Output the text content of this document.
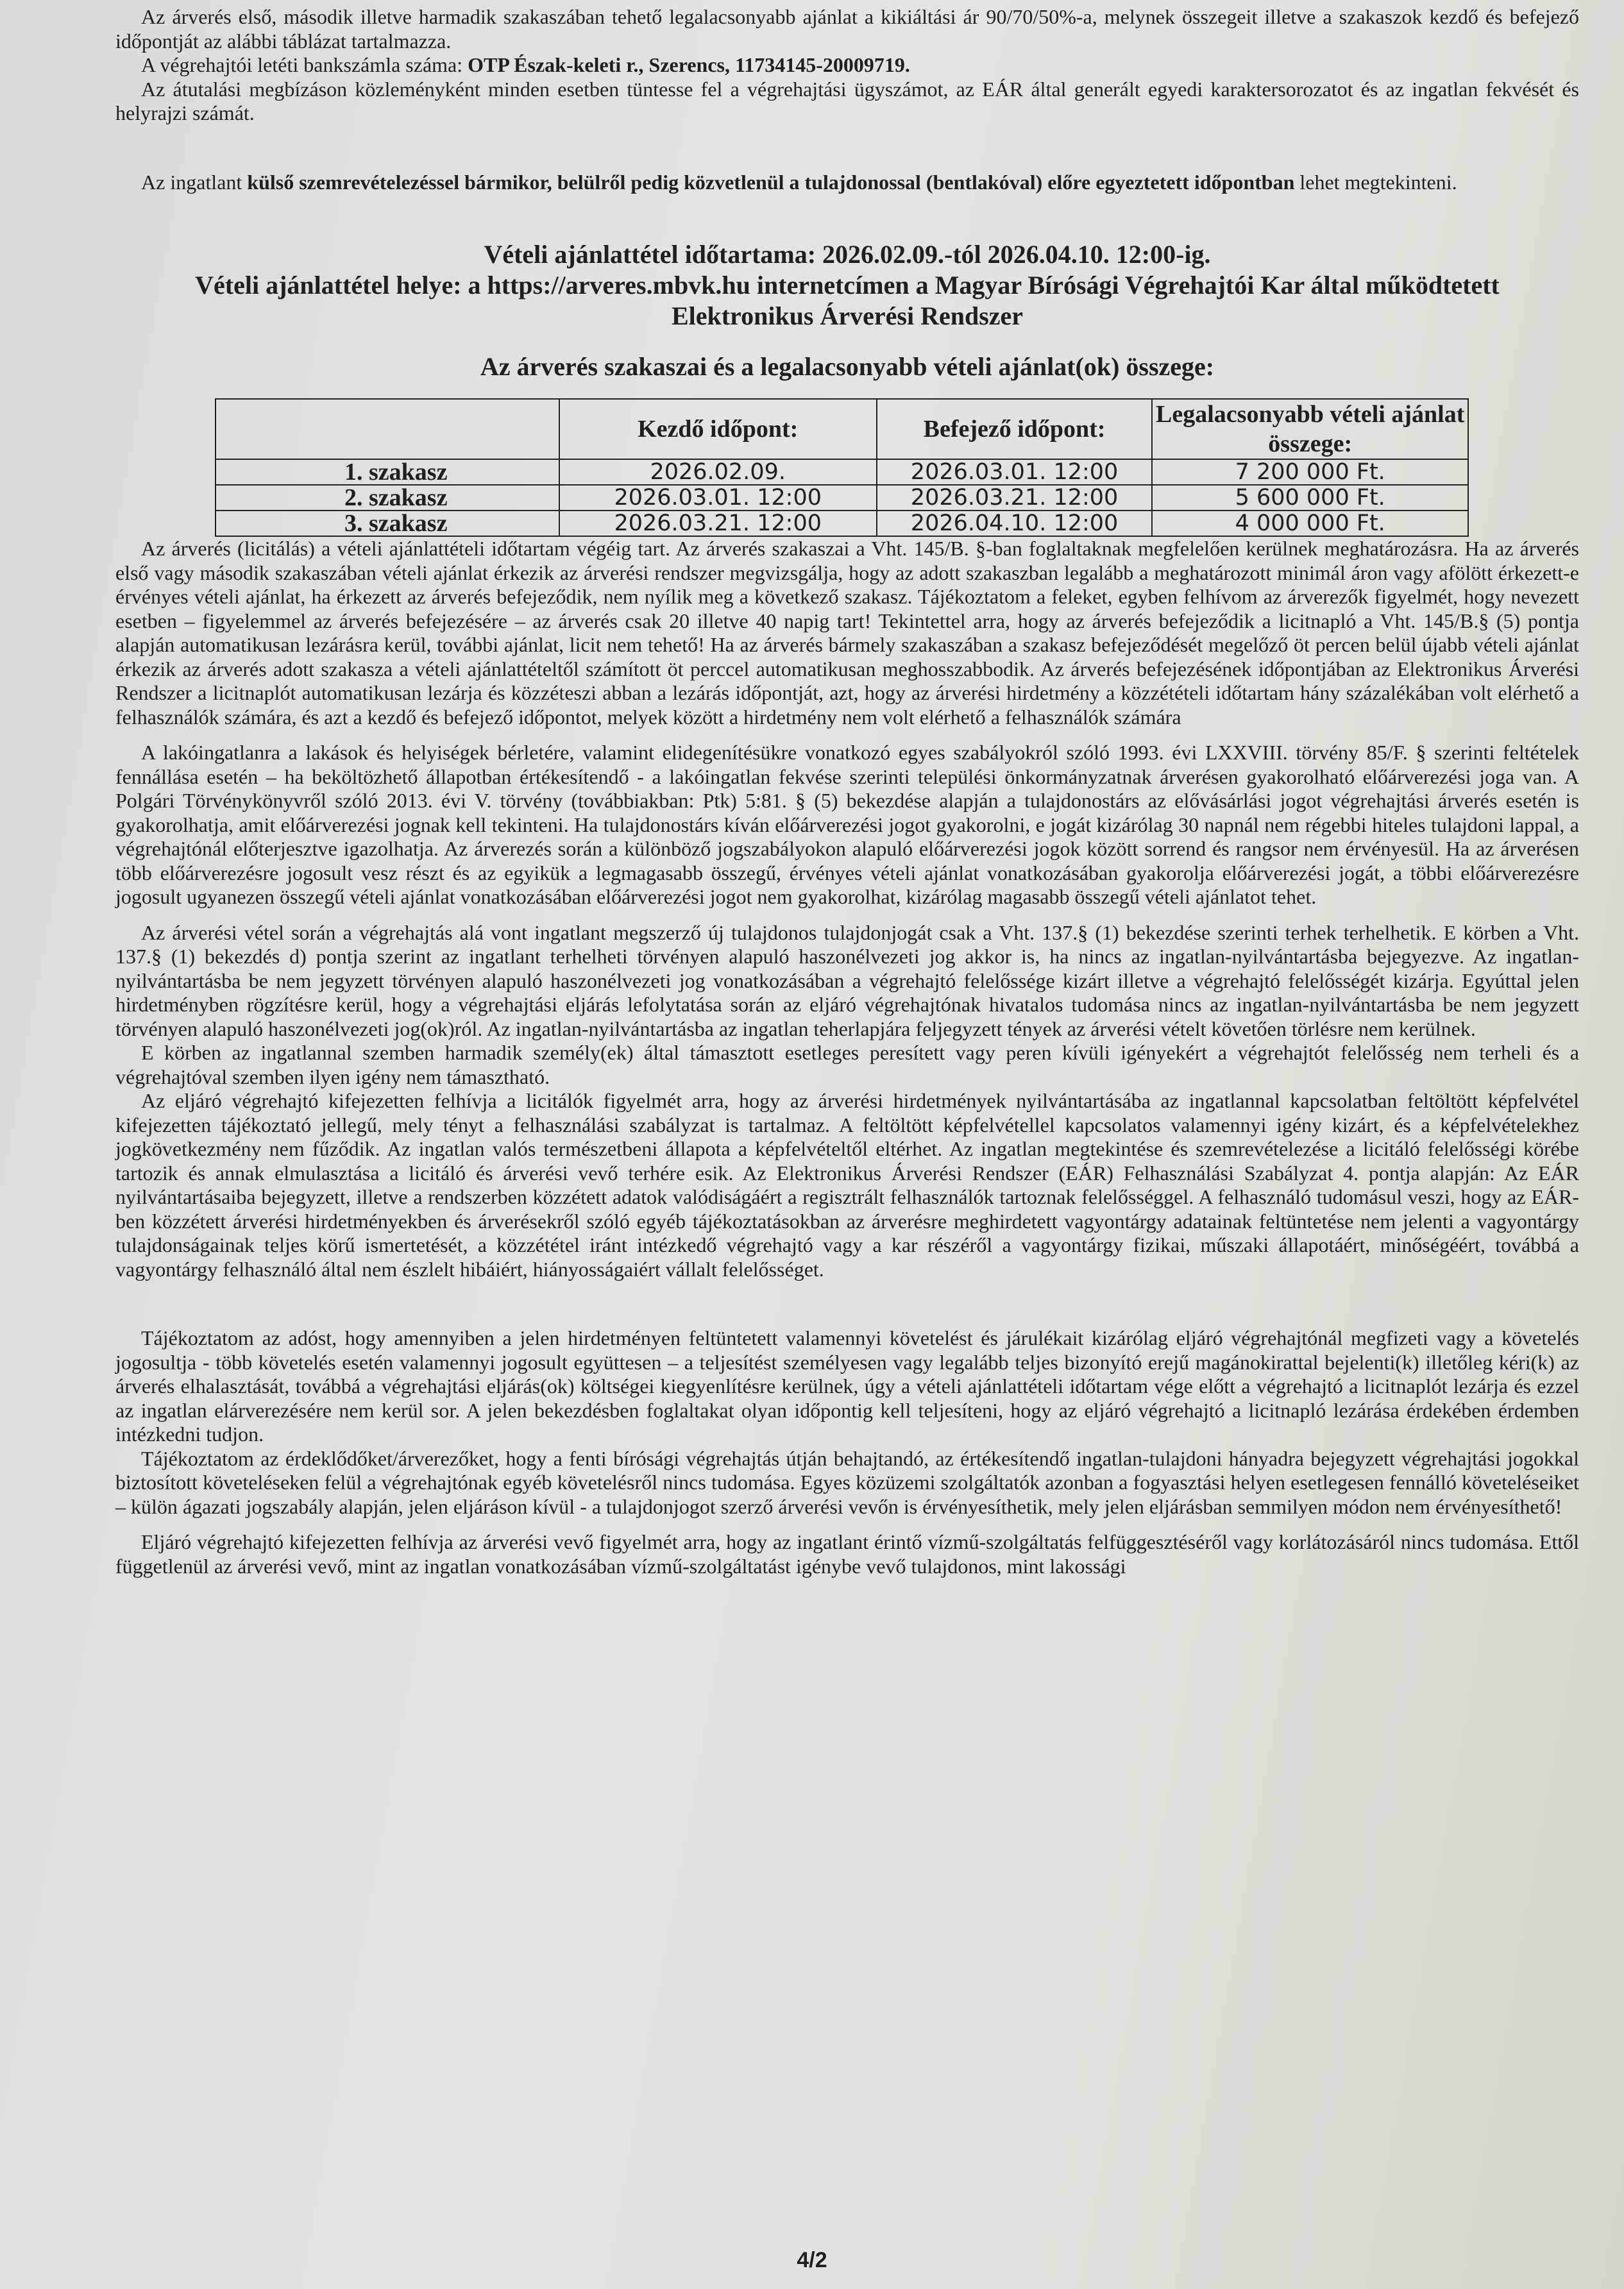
Az árverés első, második illetve harmadik szakaszában tehető legalacsonyabb ajánlat a kikiáltási ár 90/70/50%-a, melynek összegeit illetve a szakaszok kezdő és befejező időpontját az alábbi táblázat tartalmazza.

A végrehajtói letéti bankszámla száma: OTP Észak-keleti r., Szerencs, 11734145-20009719.

Az átutalási megbízáson közleményként minden esetben tüntesse fel a végrehajtási ügyszámot, az EÁR által generált egyedi karaktersorozatot és az ingatlan fekvését és helyrajzi számát.

Az ingatlant külső szemrevételezéssel bármikor, belülről pedig közvetlenül a tulajdonossal (bentlakóval) előre egyeztetett időpontban lehet megtekinteni.

Vételi ajánlattétel időtartama: 2026.02.09.-tól 2026.04.10. 12:00-ig.

Vételi ajánlattétel helye: a https://arveres.mbvk.hu internetcímen a Magyar Bírósági Végrehajtói Kar által működtetett Elektronikus Árverési Rendszer

Az árverés szakaszai és a legalacsonyabb vételi ajánlat(ok) összege:

	Kezdő időpont:	Befejező időpont:	Legalacsonyabb vételi ajánlat összege:
1. szakasz	2026.02.09.	2026.03.01. 12:00	7 200 000 Ft.
2. szakasz	2026.03.01. 12:00	2026.03.21. 12:00	5 600 000 Ft.
3. szakasz	2026.03.21. 12:00	2026.04.10. 12:00	4 000 000 Ft.

Az árverés (licitálás) a vételi ajánlattételi időtartam végéig tart. Az árverés szakaszai a Vht. 145/B. §-ban foglaltaknak megfelelően kerülnek meghatározásra. Ha az árverés első vagy második szakaszában vételi ajánlat érkezik az árverési rendszer megvizsgálja, hogy az adott szakaszban legalább a meghatározott minimál áron vagy afölött érkezett-e érvényes vételi ajánlat, ha érkezett az árverés befejeződik, nem nyílik meg a következő szakasz. Tájékoztatom a feleket, egyben felhívom az árverezők figyelmét, hogy nevezett esetben – figyelemmel az árverés befejezésére – az árverés csak 20 illetve 40 napig tart! Tekintettel arra, hogy az árverés befejeződik a licitnapló a Vht. 145/B.§ (5) pontja alapján automatikusan lezárásra kerül, további ajánlat, licit nem tehető! Ha az árverés bármely szakaszában a szakasz befejeződését megelőző öt percen belül újabb vételi ajánlat érkezik az árverés adott szakasza a vételi ajánlattételtől számított öt perccel automatikusan meghosszabbodik. Az árverés befejezésének időpontjában az Elektronikus Árverési Rendszer a licitnaplót automatikusan lezárja és közzéteszi abban a lezárás időpontját, azt, hogy az árverési hirdetmény a közzétételi időtartam hány százalékában volt elérhető a felhasználók számára, és azt a kezdő és befejező időpontot, melyek között a hirdetmény nem volt elérhető a felhasználók számára

A lakóingatlanra a lakások és helyiségek bérletére, valamint elidegenítésükre vonatkozó egyes szabályokról szóló 1993. évi LXXVIII. törvény 85/F. § szerinti feltételek fennállása esetén – ha beköltözhető állapotban értékesítendő - a lakóingatlan fekvése szerinti települési önkormányzatnak árverésen gyakorolható előárverezési joga van. A Polgári Törvénykönyvről szóló 2013. évi V. törvény (továbbiakban: Ptk) 5:81. § (5) bekezdése alapján a tulajdonostárs az elővásárlási jogot végrehajtási árverés esetén is gyakorolhatja, amit előárverezési jognak kell tekinteni. Ha tulajdonostárs kíván előárverezési jogot gyakorolni, e jogát kizárólag 30 napnál nem régebbi hiteles tulajdoni lappal, a végrehajtónál előterjesztve igazolhatja. Az árverezés során a különböző jogszabályokon alapuló előárverezési jogok között sorrend és rangsor nem érvényesül. Ha az árverésen több előárverezésre jogosult vesz részt és az egyikük a legmagasabb összegű, érvényes vételi ajánlat vonatkozásában gyakorolja előárverezési jogát, a többi előárverezésre jogosult ugyanezen összegű vételi ajánlat vonatkozásában előárverezési jogot nem gyakorolhat, kizárólag magasabb összegű vételi ajánlatot tehet.

Az árverési vétel során a végrehajtás alá vont ingatlant megszerző új tulajdonos tulajdonjogát csak a Vht. 137.§ (1) bekezdése szerinti terhek terhelhetik. E körben a Vht. 137.§ (1) bekezdés d) pontja szerint az ingatlant terhelheti törvényen alapuló haszonélvezeti jog akkor is, ha nincs az ingatlan-nyilvántartásba bejegyezve. Az ingatlan-nyilvántartásba be nem jegyzett törvényen alapuló haszonélvezeti jog vonatkozásában a végrehajtó felelőssége kizárt illetve a végrehajtó felelősségét kizárja. Egyúttal jelen hirdetményben rögzítésre kerül, hogy a végrehajtási eljárás lefolytatása során az eljáró végrehajtónak hivatalos tudomása nincs az ingatlan-nyilvántartásba be nem jegyzett törvényen alapuló haszonélvezeti jog(ok)ról. Az ingatlan-nyilvántartásba az ingatlan teherlapjára feljegyzett tények az árverési vételt követően törlésre nem kerülnek.

E körben az ingatlannal szemben harmadik személy(ek) által támasztott esetleges peresített vagy peren kívüli igényekért a végrehajtót felelősség nem terheli és a végrehajtóval szemben ilyen igény nem támasztható.

Az eljáró végrehajtó kifejezetten felhívja a licitálók figyelmét arra, hogy az árverési hirdetmények nyilvántartásába az ingatlannal kapcsolatban feltöltött képfelvétel kifejezetten tájékoztató jellegű, mely tényt a felhasználási szabályzat is tartalmaz. A feltöltött képfelvétellel kapcsolatos valamennyi igény kizárt, és a képfelvételekhez jogkövetkezmény nem fűződik. Az ingatlan valós természetbeni állapota a képfelvételtől eltérhet. Az ingatlan megtekintése és szemrevételezése a licitáló felelősségi körébe tartozik és annak elmulasztása a licitáló és árverési vevő terhére esik. Az Elektronikus Árverési Rendszer (EÁR) Felhasználási Szabályzat 4. pontja alapján: Az EÁR nyilvántartásaiba bejegyzett, illetve a rendszerben közzétett adatok valódiságáért a regisztrált felhasználók tartoznak felelősséggel. A felhasználó tudomásul veszi, hogy az EÁR-ben közzétett árverési hirdetményekben és árverésekről szóló egyéb tájékoztatásokban az árverésre meghirdetett vagyontárgy adatainak feltüntetése nem jelenti a vagyontárgy tulajdonságainak teljes körű ismertetését, a közzététel iránt intézkedő végrehajtó vagy a kar részéről a vagyontárgy fizikai, műszaki állapotáért, minőségéért, továbbá a vagyontárgy felhasználó által nem észlelt hibáiért, hiányosságaiért vállalt felelősséget.

Tájékoztatom az adóst, hogy amennyiben a jelen hirdetményen feltüntetett valamennyi követelést és járulékait kizárólag eljáró végrehajtónál megfizeti vagy a követelés jogosultja - több követelés esetén valamennyi jogosult együttesen – a teljesítést személyesen vagy legalább teljes bizonyító erejű magánokirattal bejelenti(k) illetőleg kéri(k) az árverés elhalasztását, továbbá a végrehajtási eljárás(ok) költségei kiegyenlítésre kerülnek, úgy a vételi ajánlattételi időtartam vége előtt a végrehajtó a licitnaplót lezárja és ezzel az ingatlan elárverezésére nem kerül sor. A jelen bekezdésben foglaltakat olyan időpontig kell teljesíteni, hogy az eljáró végrehajtó a licitnapló lezárása érdekében érdemben intézkedni tudjon.

Tájékoztatom az érdeklődőket/árverezőket, hogy a fenti bírósági végrehajtás útján behajtandó, az értékesítendő ingatlan-tulajdoni hányadra bejegyzett végrehajtási jogokkal biztosított követeléseken felül a végrehajtónak egyéb követelésről nincs tudomása. Egyes közüzemi szolgáltatók azonban a fogyasztási helyen esetlegesen fennálló követeléseiket – külön ágazati jogszabály alapján, jelen eljáráson kívül - a tulajdonjogot szerző árverési vevőn is érvényesíthetik, mely jelen eljárásban semmilyen módon nem érvényesíthető!

Eljáró végrehajtó kifejezetten felhívja az árverési vevő figyelmét arra, hogy az ingatlant érintő vízmű-szolgáltatás felfüggesztéséről vagy korlátozásáról nincs tudomása. Ettől függetlenül az árverési vevő, mint az ingatlan vonatkozásában vízmű-szolgáltatást igénybe vevő tulajdonos, mint lakossági

4/2
